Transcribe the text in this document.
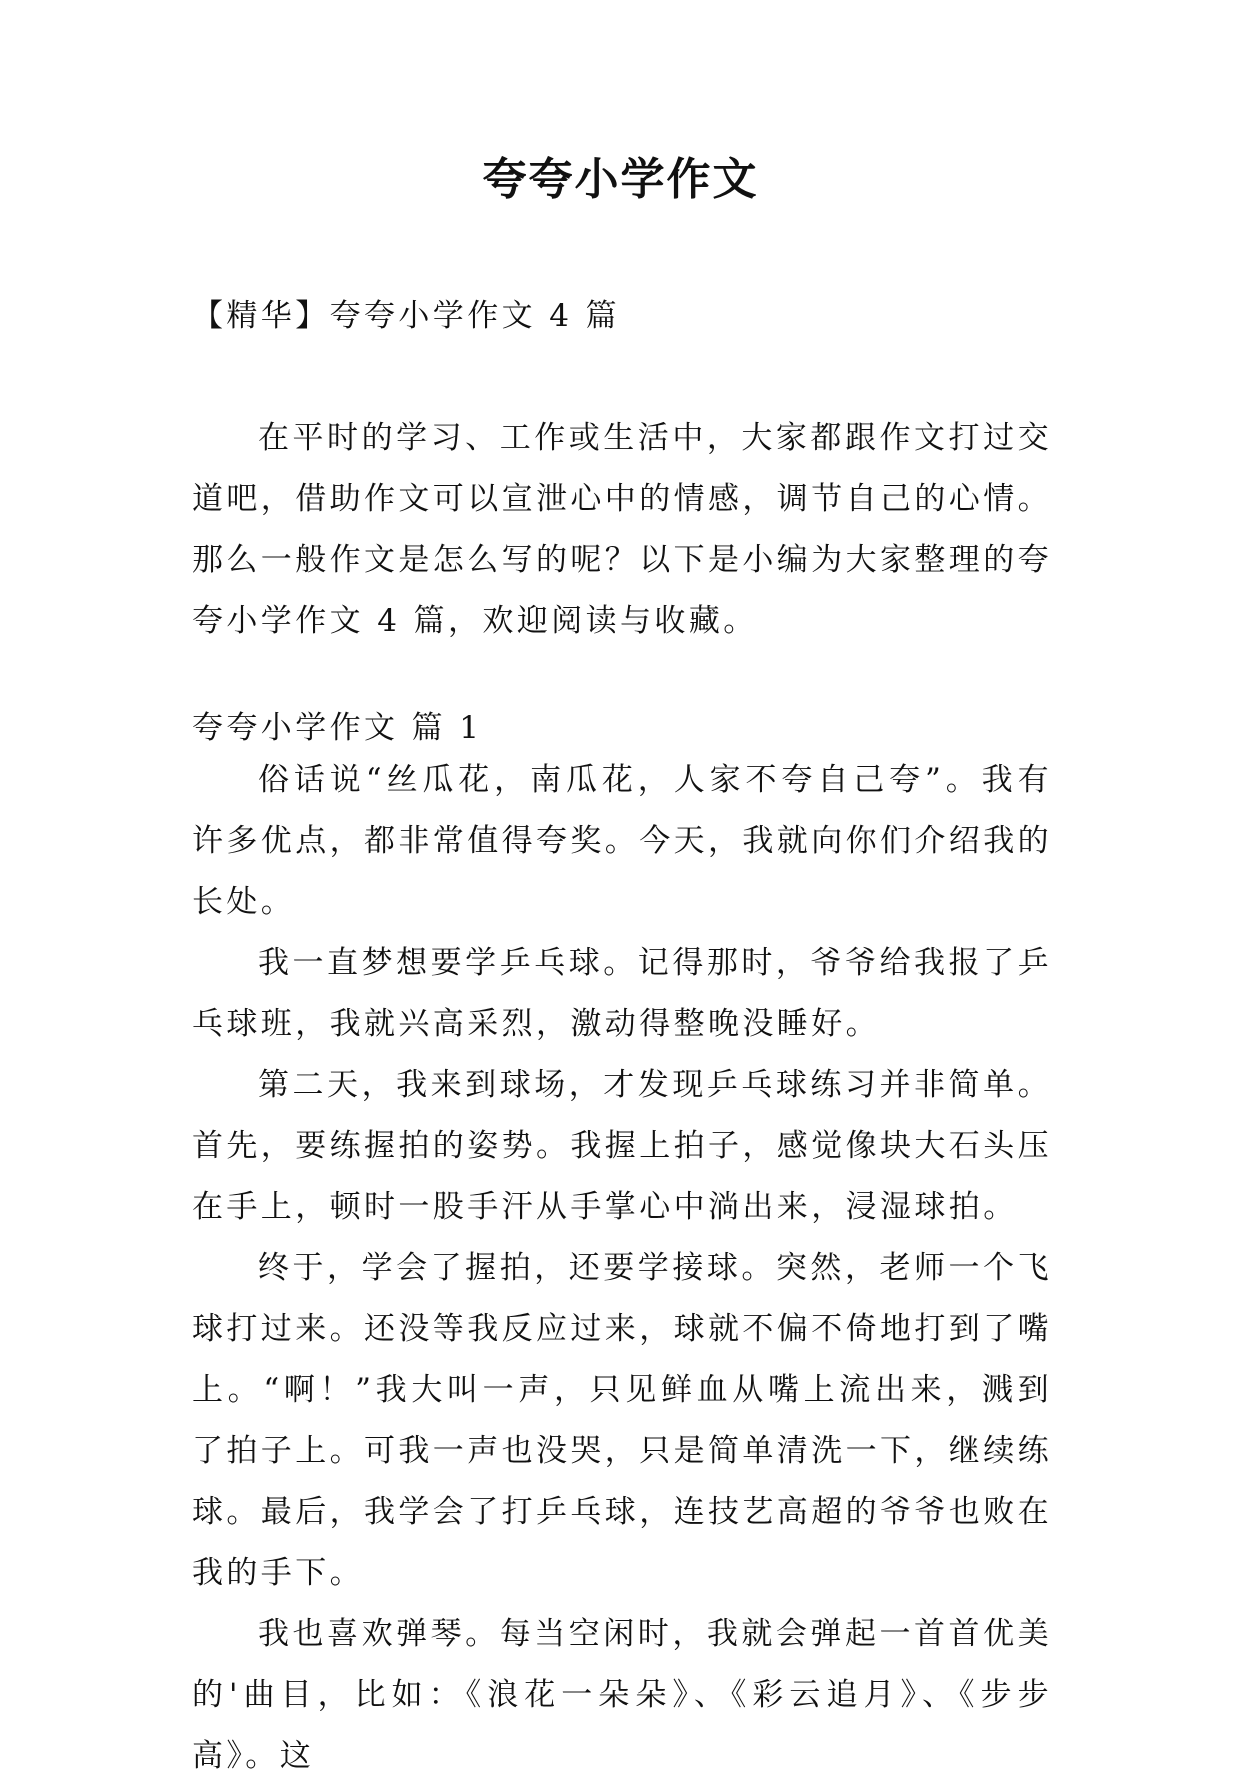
夸夸小学作文
【精华】夸夸小学作文 4 篇
在平时的学习、工作或生活中，大家都跟作文打过交道吧，借助作文可以宣泄心中的情感，调节自己的心情。那么一般作文是怎么写的呢？以下是小编为大家整理的夸夸小学作文 4 篇，欢迎阅读与收藏。
夸夸小学作文 篇 1

俗话说“丝瓜花，南瓜花，人家不夸自己夸”。我有许多优点，都非常值得夸奖。今天，我就向你们介绍我的长处。

我一直梦想要学乒乓球。记得那时，爷爷给我报了乒乓球班，我就兴高采烈，激动得整晚没睡好。

第二天，我来到球场，才发现乒乓球练习并非简单。首先，要练握拍的姿势。我握上拍子，感觉像块大石头压在手上，顿时一股手汗从手掌心中淌出来，浸湿球拍。

终于，学会了握拍，还要学接球。突然，老师一个飞球打过来。还没等我反应过来，球就不偏不倚地打到了嘴上。“啊！”我大叫一声，只见鲜血从嘴上流出来，溅到了拍子上。可我一声也没哭，只是简单清洗一下，继续练球。最后，我学会了打乒乓球，连技艺高超的爷爷也败在我的手下。

我也喜欢弹琴。每当空闲时，我就会弹起一首首优美的'曲目，比如：《浪花一朵朵》、《彩云追月》、《步步高》。这
